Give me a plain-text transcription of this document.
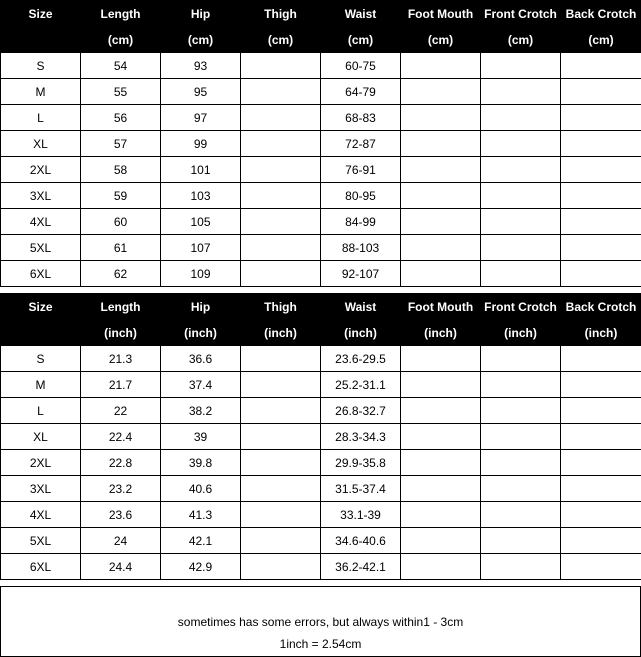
Size	Length	Hip	Thigh	Waist	Foot Mouth	Front Crotch	Back Crotch
	(cm)	(cm)	(cm)	(cm)	(cm)	(cm)	(cm)
S	54	93		60-75			
M	55	95		64-79			
L	56	97		68-83			
XL	57	99		72-87			
2XL	58	101		76-91			
3XL	59	103		80-95			
4XL	60	105		84-99			
5XL	61	107		88-103			
6XL	62	109		92-107			
Size	Length	Hip	Thigh	Waist	Foot Mouth	Front Crotch	Back Crotch
	(inch)	(inch)	(inch)	(inch)	(inch)	(inch)	(inch)
S	21.3	36.6		23.6-29.5			
M	21.7	37.4		25.2-31.1			
L	22	38.2		26.8-32.7			
XL	22.4	39		28.3-34.3			
2XL	22.8	39.8		29.9-35.8			
3XL	23.2	40.6		31.5-37.4			
4XL	23.6	41.3		33.1-39			
5XL	24	42.1		34.6-40.6			
6XL	24.4	42.9		36.2-42.1			
sometimes has some errors, but always within1 - 3cm
1inch = 2.54cm
